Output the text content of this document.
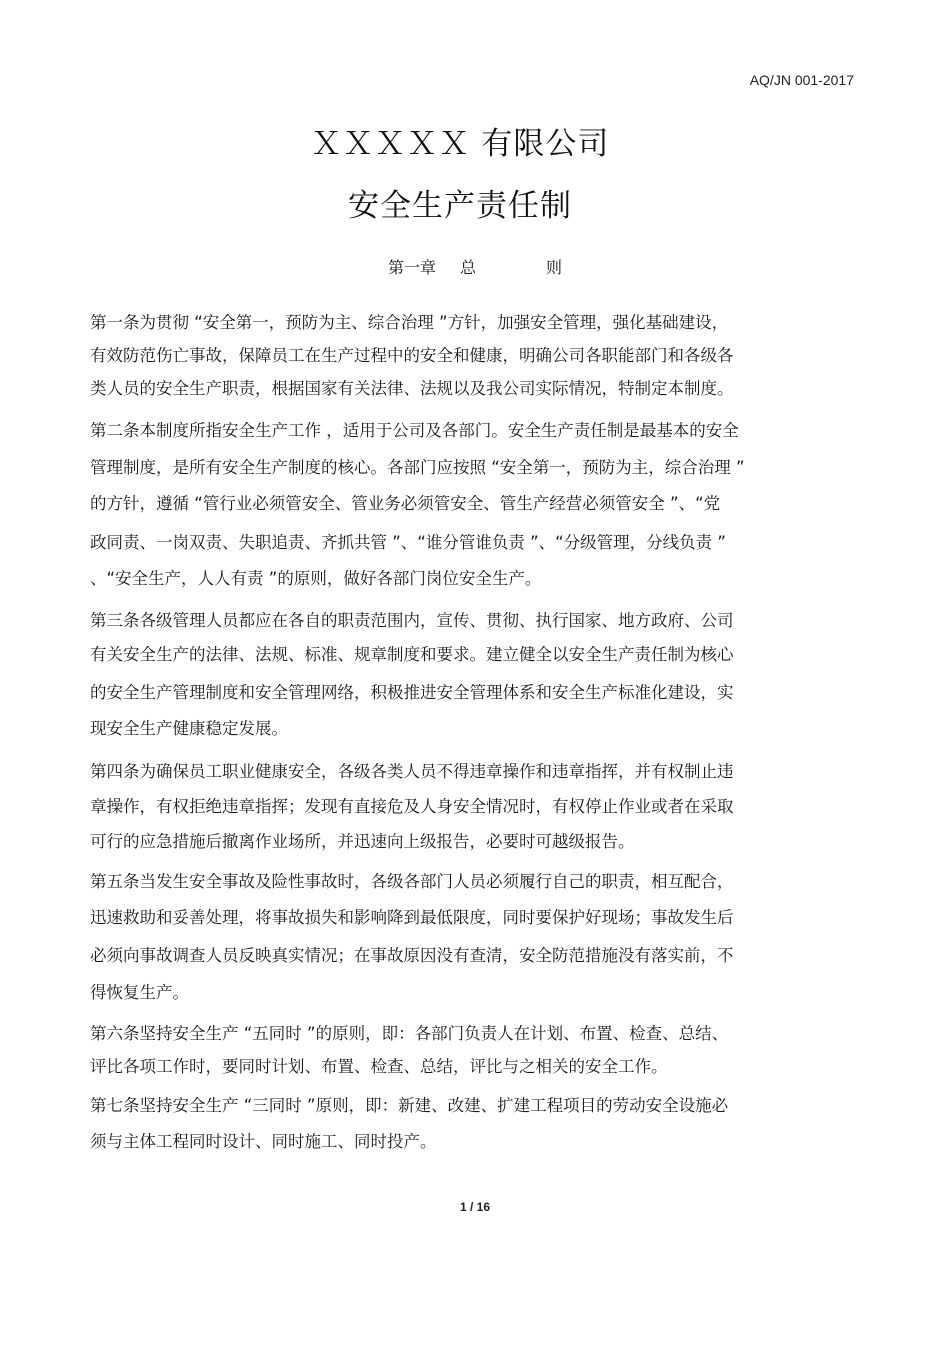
AQ/JN 001-2017
ＸＸＸＸＸ 有限公司
安全生产责任制
第一章 总	则
第一条为贯彻 “安全第一，预防为主、综合治理 ”方针，加强安全管理，强化基础建设，
有效防范伤亡事故，保障员工在生产过程中的安全和健康，明确公司各职能部门和各级各
类人员的安全生产职责，根据国家有关法律、法规以及我公司实际情况，特制定本制度。
第二条本制度所指安全生产工作 ，适用于公司及各部门。安全生产责任制是最基本的安全
管理制度，是所有安全生产制度的核心。各部门应按照 “安全第一，预防为主，综合治理 ”
的方针，遵循 “管行业必须管安全、管业务必须管安全、管生产经营必须管安全 ”、“党
政同责、一岗双责、失职追责、齐抓共管 ”、“谁分管谁负责 ”、“分级管理，分线负责 ”
、“安全生产，人人有责 ”的原则，做好各部门岗位安全生产。
第三条各级管理人员都应在各自的职责范围内，宣传、贯彻、执行国家、地方政府、公司
有关安全生产的法律、法规、标准、规章制度和要求。建立健全以安全生产责任制为核心
的安全生产管理制度和安全管理网络，积极推进安全管理体系和安全生产标准化建设，实
现安全生产健康稳定发展。
第四条为确保员工职业健康安全，各级各类人员不得违章操作和违章指挥，并有权制止违
章操作，有权拒绝违章指挥；发现有直接危及人身安全情况时，有权停止作业或者在采取
可行的应急措施后撤离作业场所，并迅速向上级报告，必要时可越级报告。
第五条当发生安全事故及险性事故时，各级各部门人员必须履行自己的职责，相互配合，
迅速救助和妥善处理，将事故损失和影响降到最低限度，同时要保护好现场；事故发生后
必须向事故调查人员反映真实情况；在事故原因没有查清，安全防范措施没有落实前，不
得恢复生产。
第六条坚持安全生产 “五同时 ”的原则，即：各部门负责人在计划、布置、检查、总结、
评比各项工作时，要同时计划、布置、检查、总结，评比与之相关的安全工作。
第七条坚持安全生产 “三同时 ”原则，即：新建、改建、扩建工程项目的劳动安全设施必
须与主体工程同时设计、同时施工、同时投产。
1 / 16
